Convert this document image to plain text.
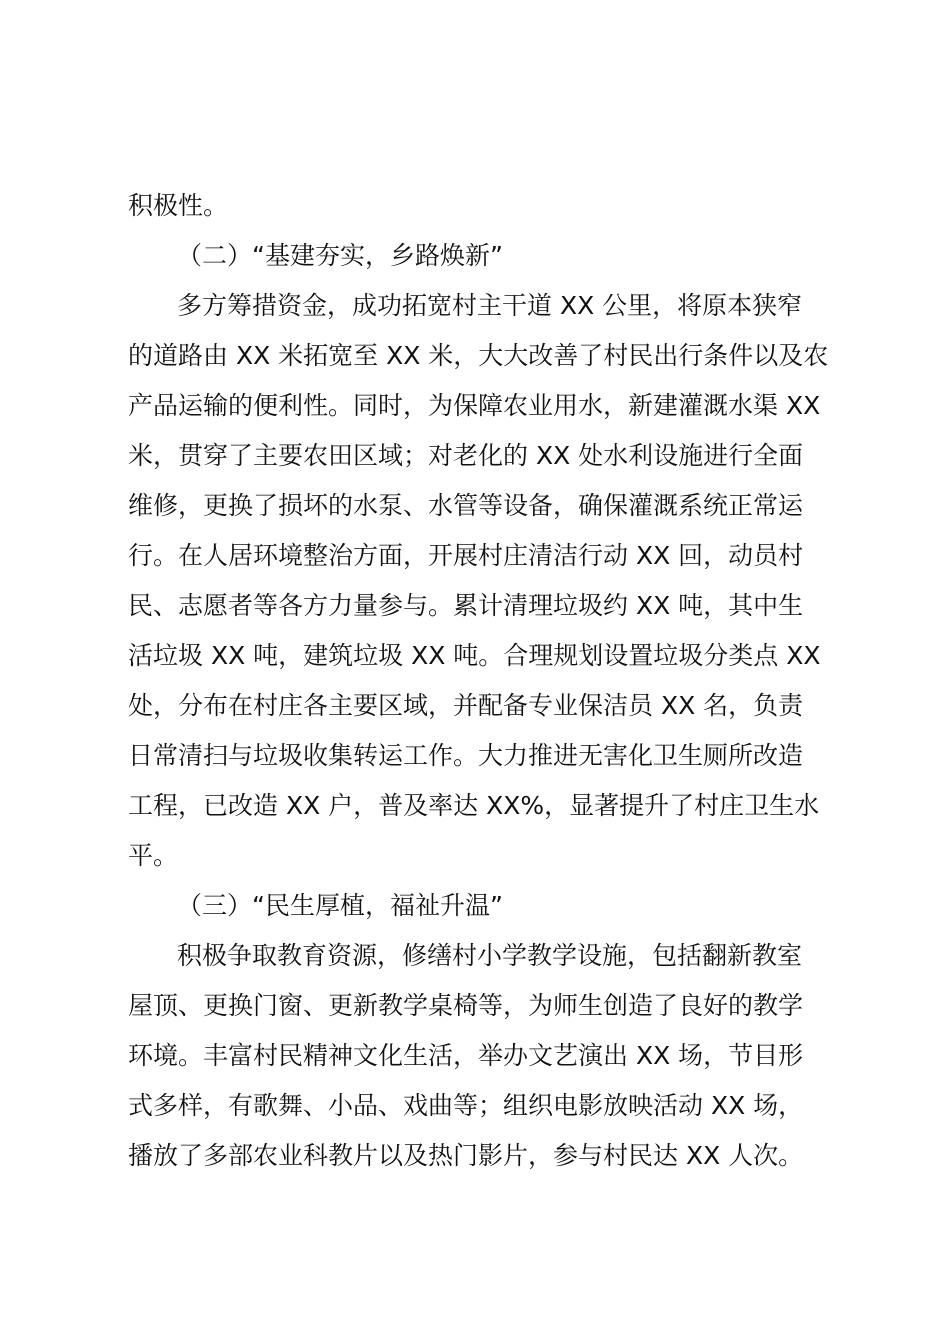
积极性。
（二）“基建夯实，乡路焕新”
多方筹措资金，成功拓宽村主干道 XX 公里，将原本狭窄
的道路由 XX 米拓宽至 XX 米，大大改善了村民出行条件以及农
产品运输的便利性。同时，为保障农业用水，新建灌溉水渠 XX
米，贯穿了主要农田区域；对老化的 XX 处水利设施进行全面
维修，更换了损坏的水泵、水管等设备，确保灌溉系统正常运
行。在人居环境整治方面，开展村庄清洁行动 XX 回，动员村
民、志愿者等各方力量参与。累计清理垃圾约 XX 吨，其中生
活垃圾 XX 吨，建筑垃圾 XX 吨。合理规划设置垃圾分类点 XX
处，分布在村庄各主要区域，并配备专业保洁员 XX 名，负责
日常清扫与垃圾收集转运工作。大力推进无害化卫生厕所改造
工程，已改造 XX 户，普及率达 XX%，显著提升了村庄卫生水
平。
（三）“民生厚植，福祉升温”
积极争取教育资源，修缮村小学教学设施，包括翻新教室
屋顶、更换门窗、更新教学桌椅等，为师生创造了良好的教学
环境。丰富村民精神文化生活，举办文艺演出 XX 场，节目形
式多样，有歌舞、小品、戏曲等；组织电影放映活动 XX 场，
播放了多部农业科教片以及热门影片，参与村民达 XX 人次。
